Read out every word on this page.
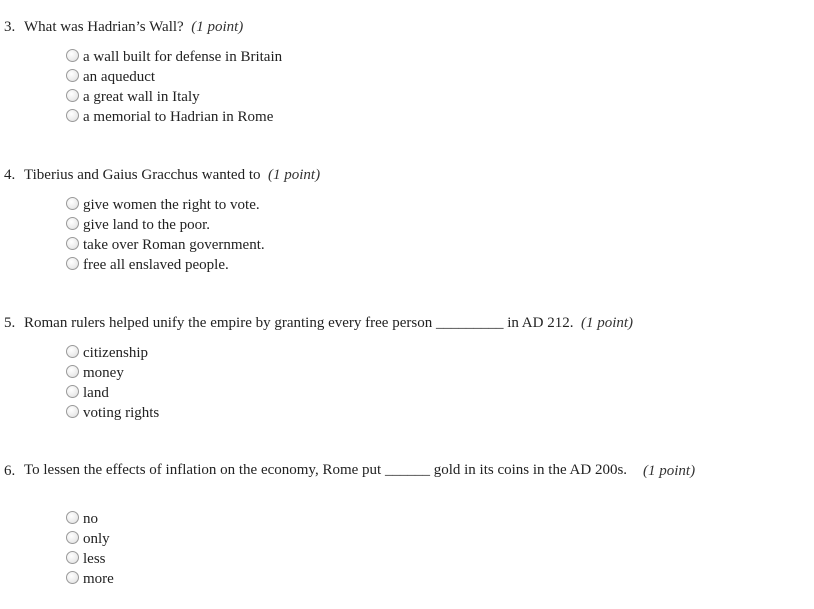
3. What was Hadrian’s Wall? (1 point)
a wall built for defense in Britain
an aqueduct
a great wall in Italy
a memorial to Hadrian in Rome
4. Tiberius and Gaius Gracchus wanted to (1 point)
give women the right to vote.
give land to the poor.
take over Roman government.
free all enslaved people.
5. Roman rulers helped unify the empire by granting every free person _________ in AD 212. (1 point)
citizenship
money
land
voting rights
6. To lessen the effects of inflation on the economy, Rome put ______ gold in its coins in the AD 200s.	(1 point)
no
only
less
more
